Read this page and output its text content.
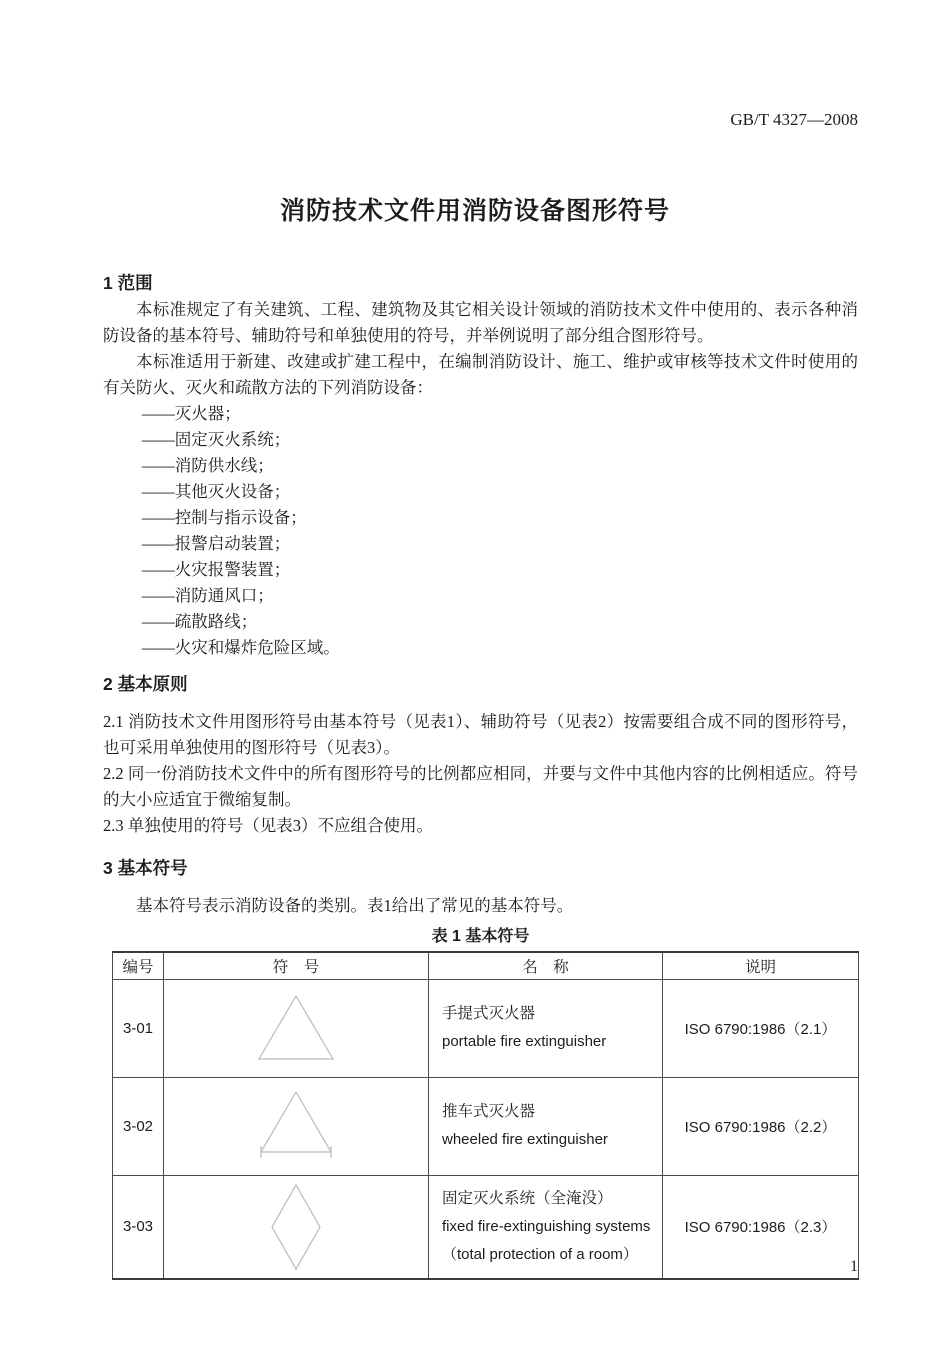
GB/T 4327—2008
消防技术文件用消防设备图形符号
1 范围

本标准规定了有关建筑、工程、建筑物及其它相关设计领域的消防技术文件中使用的、表示各种消防设备的基本符号、辅助符号和单独使用的符号，并举例说明了部分组合图形符号。

本标准适用于新建、改建或扩建工程中，在编制消防设计、施工、维护或审核等技术文件时使用的有关防火、灭火和疏散方法的下列消防设备：

——灭火器；
——固定灭火系统；
——消防供水线；
——其他灭火设备；
——控制与指示设备；
——报警启动装置；
——火灾报警装置；
——消防通风口；
——疏散路线；
——火灾和爆炸危险区域。
2 基本原则

2.1 消防技术文件用图形符号由基本符号（见表1）、辅助符号（见表2）按需要组合成不同的图形符号，也可采用单独使用的图形符号（见表3）。

2.2 同一份消防技术文件中的所有图形符号的比例都应相同，并要与文件中其他内容的比例相适应。符号的大小应适宜于微缩复制。

2.3 单独使用的符号（见表3）不应组合使用。

3 基本符号

基本符号表示消防设备的类别。表1给出了常见的基本符号。

表 1 基本符号
编号	符　号	名　称	说明
3-01		手提式灭火器
portable fire extinguisher	ISO 6790:1986（2.1）
3-02		推车式灭火器
wheeled fire extinguisher	ISO 6790:1986（2.2）
3-03		固定灭火系统（全淹没）
fixed fire-extinguishing systems
（total protection of a room）	ISO 6790:1986（2.3）
1
